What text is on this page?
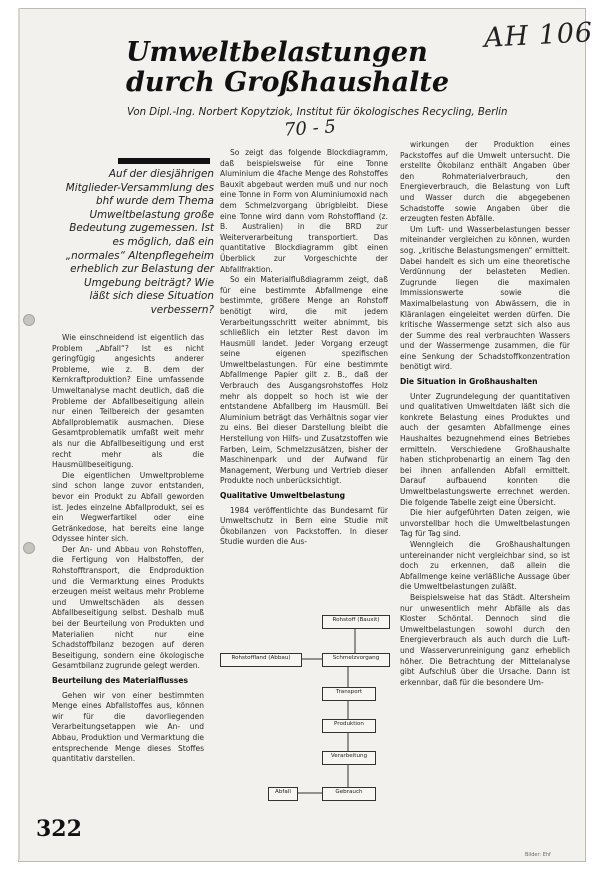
AH 106
70 - 5
Umweltbelastungen
durch Großhaushalte
Von Dipl.-Ing. Norbert Kopytziok, Institut für ökologisches Recycling, Berlin
Auf der diesjährigen Mitglieder-Versammlung des bhf wurde dem Thema Umweltbelastung große Bedeutung zugemessen. Ist es möglich, daß ein „normales“ Altenpflegeheim erheblich zur Belastung der Umgebung beiträgt? Wie läßt sich diese Situation verbessern?

Wie einschneidend ist eigentlich das Problem „Abfall“? Ist es nicht geringfügig angesichts anderer Probleme, wie z. B. dem der Kernkraftproduktion? Eine umfassende Umweltanalyse macht deutlich, daß die Probleme der Abfallbeseitigung allein nur einen Teilbereich der gesamten Abfallproblematik ausmachen. Diese Gesamtproblematik umfaßt weit mehr als nur die Abfallbeseitigung und erst recht mehr als die Hausmüllbeseitigung.

Die eigentlichen Umweltprobleme sind schon lange zuvor entstanden, bevor ein Produkt zu Abfall geworden ist. Jedes einzelne Abfallprodukt, sei es ein Wegwerfartikel oder eine Getränkedose, hat bereits eine lange Odyssee hinter sich.

Der An- und Abbau von Rohstoffen, die Fertigung von Halbstoffen, der Rohstofftransport, die Endproduktion und die Vermarktung eines Produkts erzeugen meist weitaus mehr Probleme und Umweltschäden als dessen Abfallbeseitigung selbst. Deshalb muß bei der Beurteilung von Produkten und Materialien nicht nur eine Schadstoffbilanz bezogen auf deren Beseitigung, sondern eine ökologische Gesamtbilanz zugrunde gelegt werden.

Beurteilung des Materialflusses

Gehen wir von einer bestimmten Menge eines Abfallstoffes aus, können wir für die davorliegenden Verarbeitungsetappen wie An- und Abbau, Produktion und Vermarktung die entsprechende Menge dieses Stoffes quantitativ darstellen.

So zeigt das folgende Blockdiagramm, daß beispielsweise für eine Tonne Aluminium die 4fache Menge des Rohstoffes Bauxit abgebaut werden muß und nur noch eine Tonne in Form von Aluminiumoxid nach dem Schmelzvorgang übrigbleibt. Diese eine Tonne wird dann vom Rohstoffland (z. B. Australien) in die BRD zur Weiterverarbeitung transportiert. Das quantitative Blockdiagramm gibt einen Überblick zur Vorgeschichte der Abfallfraktion.

So ein Materialflußdiagramm zeigt, daß für eine bestimmte Abfallmenge eine bestimmte, größere Menge an Rohstoff benötigt wird, die mit jedem Verarbeitungsschritt weiter abnimmt, bis schließlich ein letzter Rest davon im Hausmüll landet. Jeder Vorgang erzeugt seine eigenen spezifischen Umweltbelastungen. Für eine bestimmte Abfallmenge Papier gilt z. B., daß der Verbrauch des Ausgangsrohstoffes Holz mehr als doppelt so hoch ist wie der entstandene Abfallberg im Hausmüll. Bei Aluminium beträgt das Verhältnis sogar vier zu eins. Bei dieser Darstellung bleibt die Herstellung von Hilfs- und Zusatzstoffen wie Farben, Leim, Schmelzzusätzen, bisher der Maschinenpark und der Aufwand für Management, Werbung und Vertrieb dieser Produkte noch unberücksichtigt.

Qualitative Umweltbelastung

1984 veröffentlichte das Bundesamt für Umweltschutz in Bern eine Studie mit Ökobilanzen von Packstoffen. In dieser Studie wurden die Aus-

wirkungen der Produktion eines Packstoffes auf die Umwelt untersucht. Die erstellte Ökobilanz enthält Angaben über den Rohmaterialverbrauch, den Energieverbrauch, die Belastung von Luft und Wasser durch die abgegebenen Schadstoffe sowie Angaben über die erzeugten festen Abfälle.

Um Luft- und Wasserbelastungen besser miteinander vergleichen zu können, wurden sog. „kritische Belastungsmengen“ ermittelt. Dabei handelt es sich um eine theoretische Verdünnung der belasteten Medien. Zugrunde liegen die maximalen Immissionswerte sowie die Maximalbelastung von Abwässern, die in Kläranlagen eingeleitet werden dürfen. Die kritische Wassermenge setzt sich also aus der Summe des real verbrauchten Wassers und der Wassermenge zusammen, die für eine Senkung der Schadstoffkonzentration benötigt wird.

Die Situation in Großhaushalten

Unter Zugrundelegung der quantitativen und qualitativen Umweltdaten läßt sich die konkrete Belastung eines Produktes und auch der gesamten Abfallmenge eines Haushaltes bezugnehmend eines Betriebes ermitteln. Verschiedene Großhaushalte haben stichprobenartig an einem Tag den bei ihnen anfallenden Abfall ermittelt. Darauf aufbauend konnten die Umweltbelastungswerte errechnet werden. Die folgende Tabelle zeigt eine Übersicht.

Die hier aufgeführten Daten zeigen, wie unvorstellbar hoch die Umweltbelastungen Tag für Tag sind.

Wenngleich die Großhaushaltungen untereinander nicht vergleichbar sind, so ist doch zu erkennen, daß allein die Abfallmenge keine verläßliche Aussage über die Umweltbelastungen zuläßt.

Beispielsweise hat das Städt. Altersheim nur unwesentlich mehr Abfälle als das Kloster Schöntal. Dennoch sind die Umweltbelastungen sowohl durch den Energieverbrauch als auch durch die Luft- und Wasserverunreinigung ganz erheblich höher. Die Betrachtung der Mittelanalyse gibt Aufschluß über die Ursache. Dann ist erkennbar, daß für die besondere Um-

Rohstoff (Bauxit)
Rohstoffland (Abbau)	Schmelzvorgang
Transport
Produktion
Verarbeitung
Abfall	Gebrauch
322
Bilder: Ehf
